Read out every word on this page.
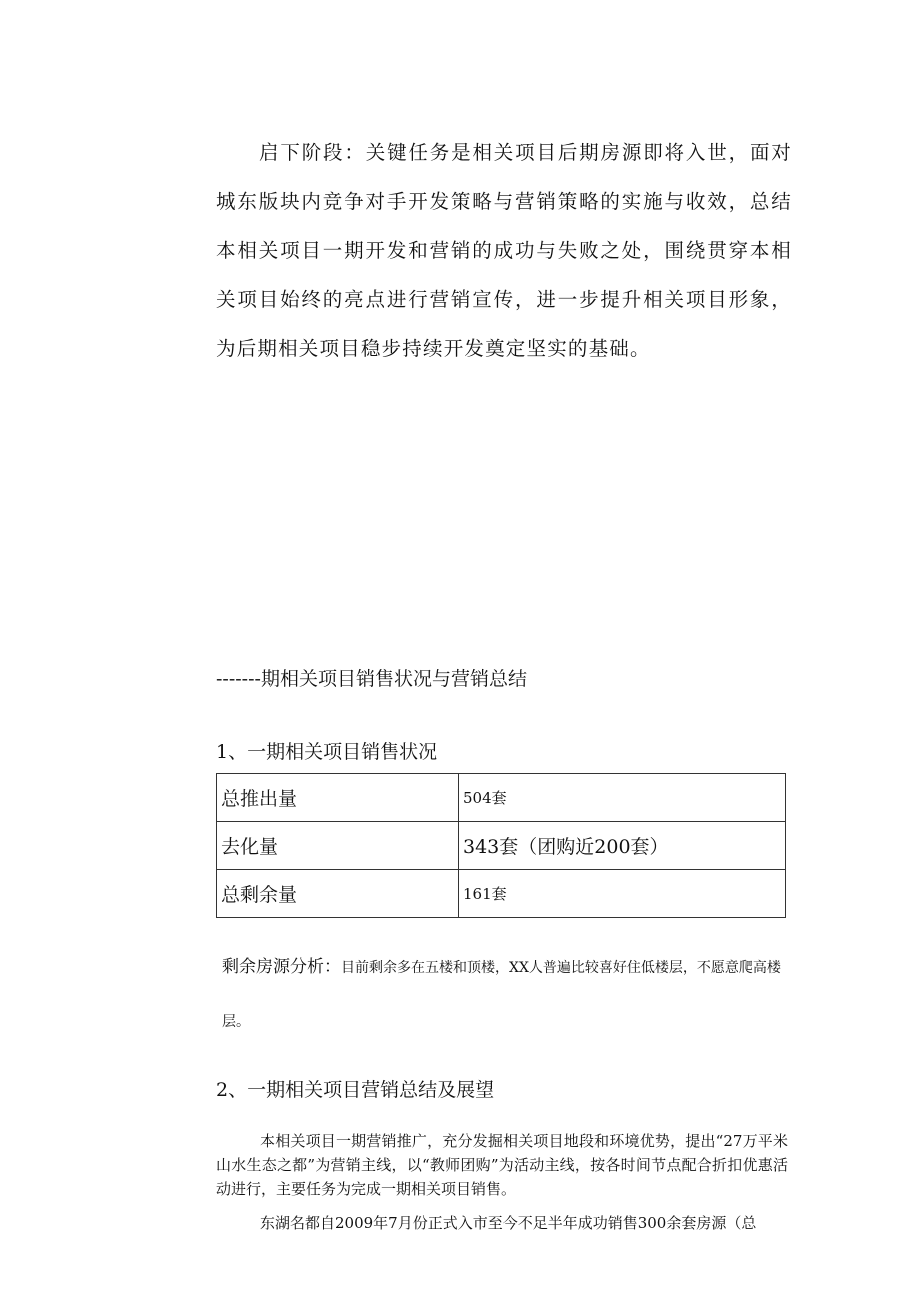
启下阶段：关键任务是相关项目后期房源即将入世，面对城东版块内竞争对手开发策略与营销策略的实施与收效，总结本相关项目一期开发和营销的成功与失败之处，围绕贯穿本相关项目始终的亮点进行营销宣传，进一步提升相关项目形象，为后期相关项目稳步持续开发奠定坚实的基础。

-------期相关项目销售状况与营销总结
1、一期相关项目销售状况
总推出量	504套
去化量	343套（团购近200套）
总剩余量	161套

剩余房源分析：目前剩余多在五楼和顶楼，XX人普遍比较喜好住低楼层，不愿意爬高楼层。

2、一期相关项目营销总结及展望

本相关项目一期营销推广，充分发掘相关项目地段和环境优势，提出“27万平米山水生态之都”为营销主线，以“教师团购”为活动主线，按各时间节点配合折扣优惠活动进行，主要任务为完成一期相关项目销售。

东湖名都自2009年7月份正式入市至今不足半年成功销售300余套房源（总
